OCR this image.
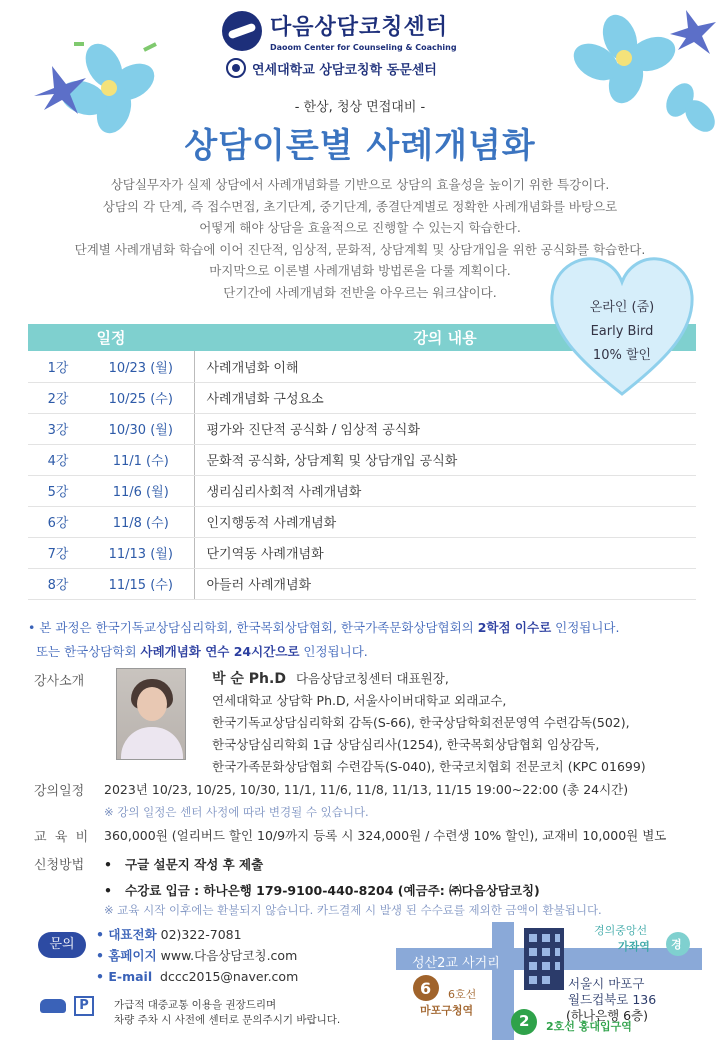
다음상담코칭센터
Daoom Center for Counseling & Coaching
연세대학교 상담코칭학 동문센터
- 한상, 청상 면접대비 -
상담이론별 사례개념화
상담실무자가 실제 상담에서 사례개념화를 기반으로 상담의 효율성을 높이기 위한 특강이다.
상담의 각 단계, 즉 접수면접, 초기단계, 중기단계, 종결단계별로 정확한 사례개념화를 바탕으로
어떻게 해야 상담을 효율적으로 진행할 수 있는지 학습한다.
단계별 사례개념화 학습에 이어 진단적, 임상적, 문화적, 상담계획 및 상담개입을 위한 공식화를 학습한다.
마지막으로 이론별 사례개념화 방법론을 다룰 계획이다.
단기간에 사례개념화 전반을 아우르는 워크샵이다.
일정		강의 내용
1강	10/23 (월)	사례개념화 이해
2강	10/25 (수)	사례개념화 구성요소
3강	10/30 (월)	평가와 진단적 공식화 / 임상적 공식화
4강	11/1 (수)	문화적 공식화, 상담계획 및 상담개입 공식화
5강	11/6 (월)	생리심리사회적 사례개념화
6강	11/8 (수)	인지행동적 사례개념화
7강	11/13 (월)	단기역동 사례개념화
8강	11/15 (수)	아들러 사례개념화
온라인 (줌)
Early Bird
10% 할인
• 본 과정은 한국기독교상담심리학회, 한국목회상담협회, 한국가족문화상담협회의 2학점 이수로 인정됩니다.
또는 한국상담학회 사례개념화 연수 24시간으로 인정됩니다.
강사소개	박 순 Ph.D 다음상담코칭센터 대표원장,
연세대학교 상담학 Ph.D, 서울사이버대학교 외래교수,
한국기독교상담심리학회 감독(S-66), 한국상담학회전문영역 수련감독(502),
한국상담심리학회 1급 상담심리사(1254), 한국목회상담협회 임상감독,
한국가족문화상담협회 수련감독(S-040), 한국코치협회 전문코치 (KPC 01699)
강의일정 2023년 10/23, 10/25, 10/30, 11/1, 11/6, 11/8, 11/13, 11/15 19:00~22:00 (총 24시간)
※ 강의 일정은 센터 사정에 따라 변경될 수 있습니다.
교  육  비 360,000원 (얼리버드 할인 10/9까지 등록 시 324,000원 / 수련생 10% 할인), 교재비 10,000원 별도
신청방법 •   구글 설문지 작성 후 제출
•   수강료 입금 : 하나은행 179-9100-440-8204 (예금주: ㈜다음상담코칭)
※ 교육 시작 이후에는 환불되지 않습니다. 카드결제 시 발생 된 수수료를 제외한 금액이 환불됩니다.
문의
• 대표전화 02)322-7081
• 홈페이지 www.다음상담코칭.com
• E-mail  dccc2015@naver.com
P	가급적 대중교통 이용을 권장드리며
차량 주차 시 사전에 센터로 문의주시기 바랍니다.
성산2교 사거리
6 6호선
마포구청역
2 2호선 홍대입구역
경의중앙선
가좌역 경
서울시 마포구
월드컵북로 136
(하나은행 6층)
